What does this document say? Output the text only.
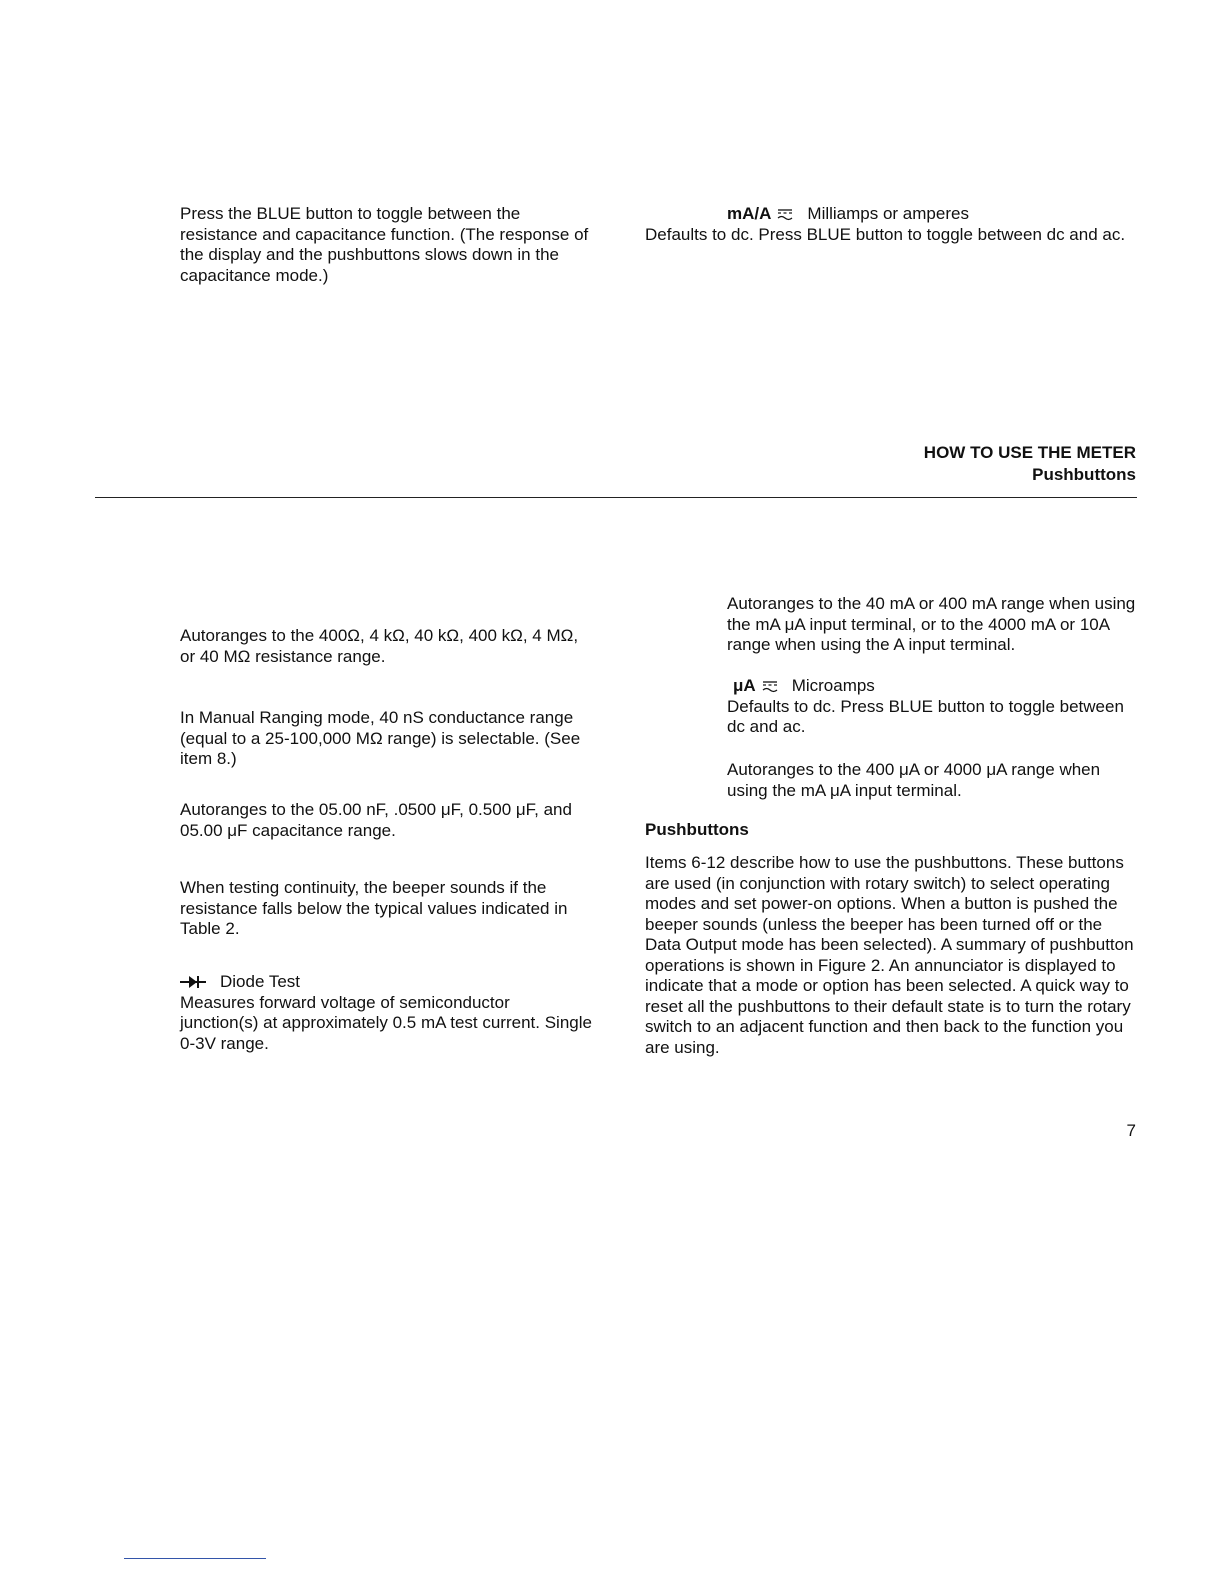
HOW TO USE THE METER
Pushbuttons

Press the BLUE button to toggle between the resistance and capacitance function. (The response of the display and the pushbuttons slows down in the capacitance mode.)

Autoranges to the 400Ω, 4 kΩ, 40 kΩ, 400 kΩ, 4 MΩ, or 40 MΩ resistance range.

In Manual Ranging mode, 40 nS conductance range (equal to a 25-100,000 MΩ range) is selectable. (See item 8.)

Autoranges to the 05.00 nF, .0500 μF, 0.500 μF, and 05.00 μF capacitance range.

When testing continuity, the beeper sounds if the resistance falls below the typical values indicated in Table 2.

Diode Test

Measures forward voltage of semiconductor junction(s) at approximately 0.5 mA test current. Single 0-3V range.

mA/A Milliamps or amperes

Defaults to dc. Press BLUE button to toggle between dc and ac.

Autoranges to the 40 mA or 400 mA range when using the mA μA input terminal, or to the 4000 mA or 10A range when using the A input terminal.

μA Microamps

Defaults to dc. Press BLUE button to toggle between dc and ac.

Autoranges to the 400 μA or 4000 μA range when using the mA μA input terminal.

Pushbuttons

Items 6-12 describe how to use the pushbuttons. These buttons are used (in conjunction with rotary switch) to select operating modes and set power-on options. When a button is pushed the beeper sounds (unless the beeper has been turned off or the Data Output mode has been selected). A summary of pushbutton operations is shown in Figure 2. An annunciator is displayed to indicate that a mode or option has been selected. A quick way to reset all the pushbuttons to their default state is to turn the rotary switch to an adjacent function and then back to the function you are using.

7
